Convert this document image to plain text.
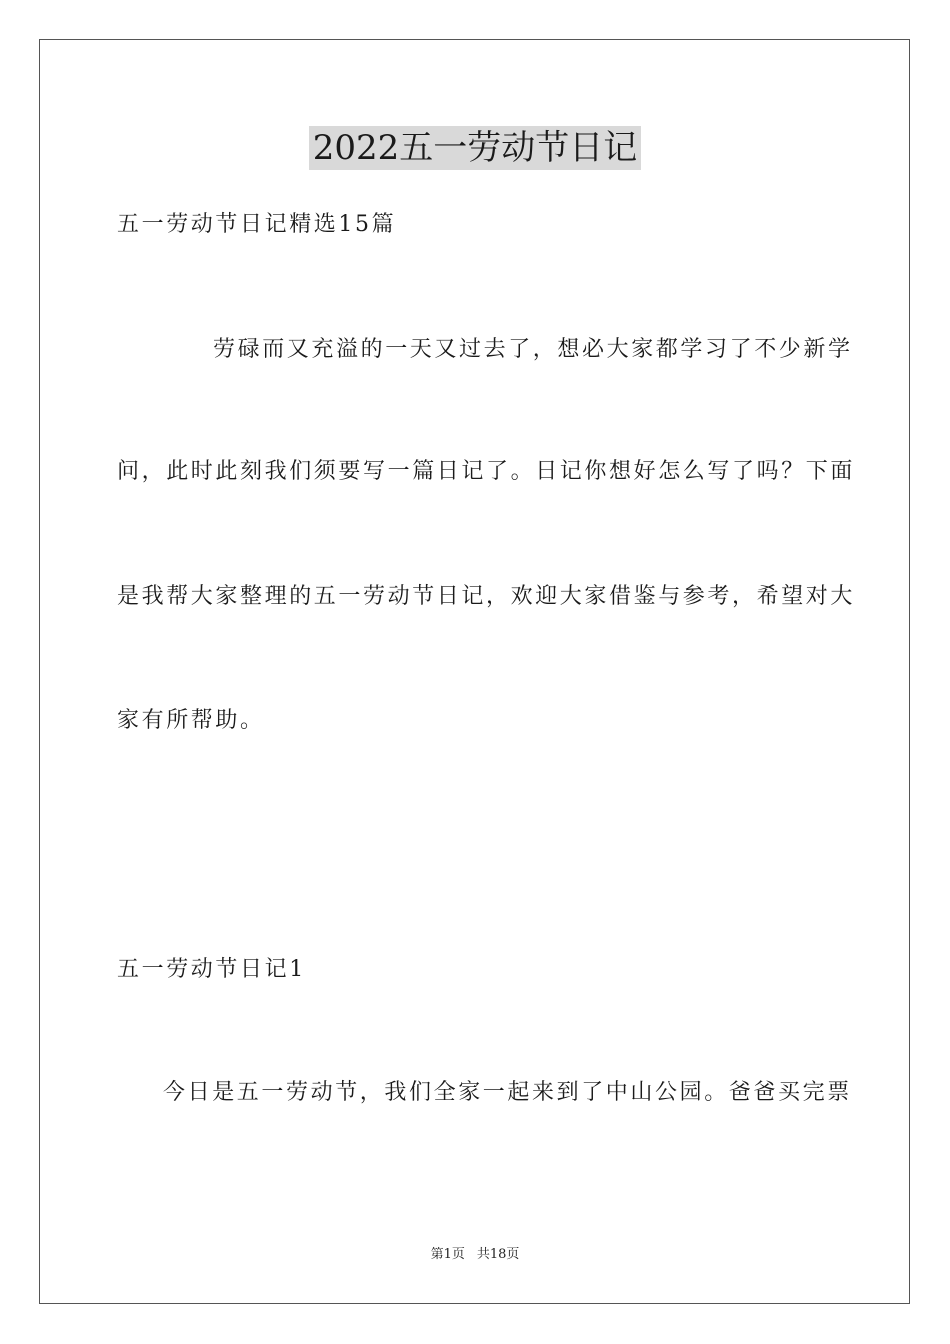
2022五一劳动节日记
五一劳动节日记精选15篇
劳碌而又充溢的一天又过去了，想必大家都学习了不少新学
问，此时此刻我们须要写一篇日记了。日记你想好怎么写了吗？下面
是我帮大家整理的五一劳动节日记，欢迎大家借鉴与参考，希望对大
家有所帮助。
五一劳动节日记1
今日是五一劳动节，我们全家一起来到了中山公园。爸爸买完票
第1页 共18页
